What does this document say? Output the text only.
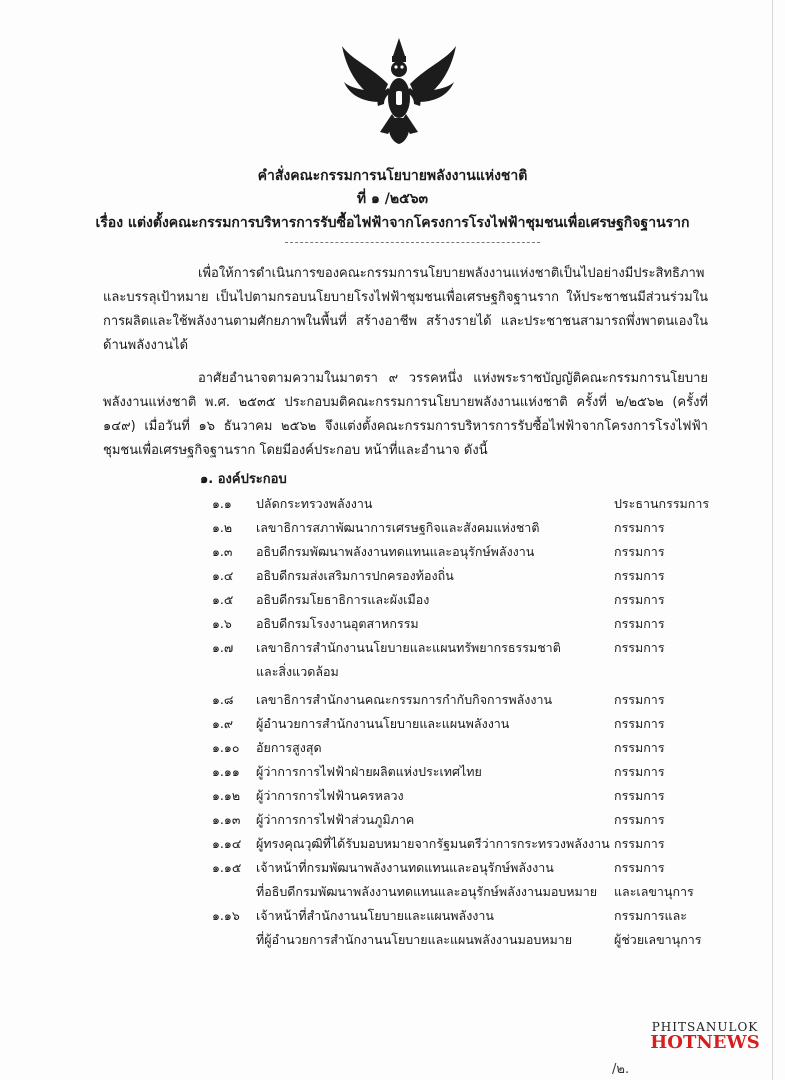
คำสั่งคณะกรรมการนโยบายพลังงานแห่งชาติ
ที่ ๑ /๒๕๖๓
เรื่อง แต่งตั้งคณะกรรมการบริหารการรับซื้อไฟฟ้าจากโครงการโรงไฟฟ้าชุมชนเพื่อเศรษฐกิจฐานราก
เพื่อให้การดำเนินการของคณะกรรมการนโยบายพลังงานแห่งชาติเป็นไปอย่างมีประสิทธิภาพ และบรรลุเป้าหมาย เป็นไปตามกรอบนโยบายโรงไฟฟ้าชุมชนเพื่อเศรษฐกิจฐานราก ให้ประชาชนมีส่วนร่วมในการผลิตและใช้พลังงานตามศักยภาพในพื้นที่ สร้างอาชีพ สร้างรายได้ และประชาชนสามารถพึ่งพาตนเองในด้านพลังงานได้
อาศัยอำนาจตามความในมาตรา ๙ วรรคหนึ่ง แห่งพระราชบัญญัติคณะกรรมการนโยบายพลังงานแห่งชาติ พ.ศ. ๒๕๓๕ ประกอบมติคณะกรรมการนโยบายพลังงานแห่งชาติ ครั้งที่ ๒/๒๕๖๒ (ครั้งที่ ๑๔๙) เมื่อวันที่ ๑๖ ธันวาคม ๒๕๖๒ จึงแต่งตั้งคณะกรรมการบริหารการรับซื้อไฟฟ้าจากโครงการโรงไฟฟ้าชุมชนเพื่อเศรษฐกิจฐานราก โดยมีองค์ประกอบ หน้าที่และอำนาจ ดังนี้
๑. องค์ประกอบ
๑.๑	ปลัดกระทรวงพลังงาน	ประธานกรรมการ
๑.๒	เลขาธิการสภาพัฒนาการเศรษฐกิจและสังคมแห่งชาติ	กรรมการ
๑.๓	อธิบดีกรมพัฒนาพลังงานทดแทนและอนุรักษ์พลังงาน	กรรมการ
๑.๔	อธิบดีกรมส่งเสริมการปกครองท้องถิ่น	กรรมการ
๑.๕	อธิบดีกรมโยธาธิการและผังเมือง	กรรมการ
๑.๖	อธิบดีกรมโรงงานอุตสาหกรรม	กรรมการ
๑.๗	เลขาธิการสำนักงานนโยบายและแผนทรัพยากรธรรมชาติ	กรรมการ
และสิ่งแวดล้อม
๑.๘	เลขาธิการสำนักงานคณะกรรมการกำกับกิจการพลังงาน	กรรมการ
๑.๙	ผู้อำนวยการสำนักงานนโยบายและแผนพลังงาน	กรรมการ
๑.๑๐	อัยการสูงสุด	กรรมการ
๑.๑๑	ผู้ว่าการการไฟฟ้าฝ่ายผลิตแห่งประเทศไทย	กรรมการ
๑.๑๒	ผู้ว่าการการไฟฟ้านครหลวง	กรรมการ
๑.๑๓	ผู้ว่าการการไฟฟ้าส่วนภูมิภาค	กรรมการ
๑.๑๔	ผู้ทรงคุณวุฒิที่ได้รับมอบหมายจากรัฐมนตรีว่าการกระทรวงพลังงาน กรรมการ
๑.๑๕	เจ้าหน้าที่กรมพัฒนาพลังงานทดแทนและอนุรักษ์พลังงาน	กรรมการ
ที่อธิบดีกรมพัฒนาพลังงานทดแทนและอนุรักษ์พลังงานมอบหมาย	และเลขานุการ
๑.๑๖	เจ้าหน้าที่สำนักงานนโยบายและแผนพลังงาน	กรรมการและ
ที่ผู้อำนวยการสำนักงานนโยบายและแผนพลังงานมอบหมาย	ผู้ช่วยเลขานุการ
PHITSANULOK
HOTNEWS
/๒.
